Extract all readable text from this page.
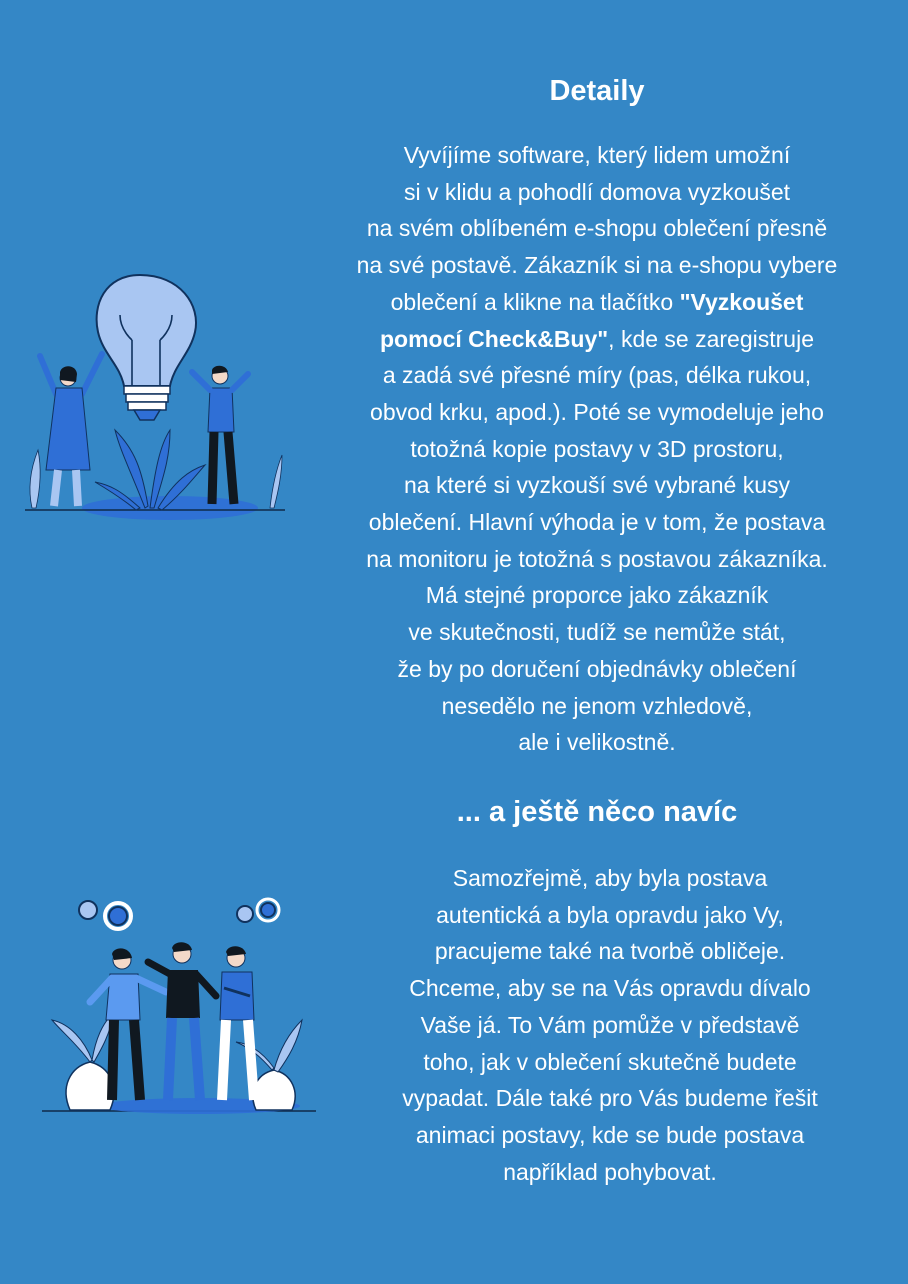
Detaily
Vyvíjíme software, který lidem umožní
si v klidu a pohodlí domova vyzkoušet
na svém oblíbeném e-shopu oblečení přesně
na své postavě. Zákazník si na e-shopu vybere
oblečení a klikne na tlačítko "Vyzkoušet
pomocí Check&Buy", kde se zaregistruje
a zadá své přesné míry (pas, délka rukou,
obvod krku, apod.). Poté se vymodeluje jeho
totožná kopie postavy v 3D prostoru,
na které si vyzkouší své vybrané kusy
oblečení. Hlavní výhoda je v tom, že postava
na monitoru je totožná s postavou zákazníka.
Má stejné proporce jako zákazník
ve skutečnosti, tudíž se nemůže stát,
že by po doručení objednávky oblečení
nesedělo ne jenom vzhledově,
ale i velikostně.
... a ještě něco navíc
Samozřejmě, aby byla postava
autentická a byla opravdu jako Vy,
pracujeme také na tvorbě obličeje.
Chceme, aby se na Vás opravdu dívalo
Vaše já. To Vám pomůže v představě
toho, jak v oblečení skutečně budete
vypadat. Dále také pro Vás budeme řešit
animaci postavy, kde se bude postava
například pohybovat.
